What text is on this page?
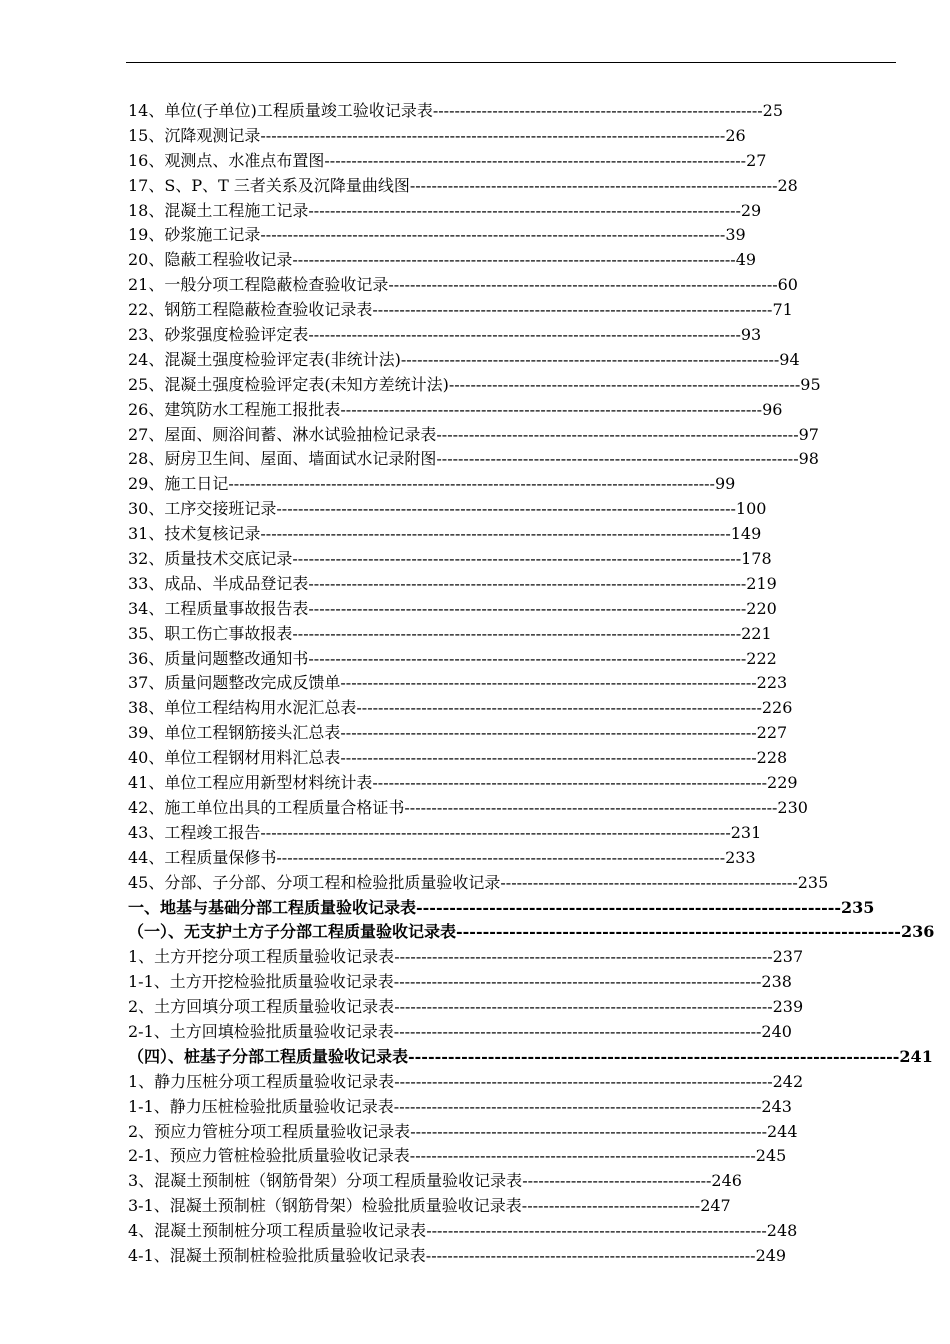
14、单位(子单位)工程质量竣工验收记录表-------------------------------------------------------------25
15、沉降观测记录--------------------------------------------------------------------------------------26
16、观测点、水准点布置图------------------------------------------------------------------------------27
17、S、P、T 三者关系及沉降量曲线图--------------------------------------------------------------------28
18、混凝土工程施工记录--------------------------------------------------------------------------------29
19、砂浆施工记录--------------------------------------------------------------------------------------39
20、隐蔽工程验收记录----------------------------------------------------------------------------------49
21、一般分项工程隐蔽检查验收记录------------------------------------------------------------------------60
22、钢筋工程隐蔽检查验收记录表--------------------------------------------------------------------------71
23、砂浆强度检验评定表--------------------------------------------------------------------------------93
24、混凝土强度检验评定表(非统计法)----------------------------------------------------------------------94
25、混凝土强度检验评定表(未知方差统计法)-----------------------------------------------------------------95
26、建筑防水工程施工报批表------------------------------------------------------------------------------96
27、屋面、厕浴间蓄、淋水试验抽检记录表-------------------------------------------------------------------97
28、厨房卫生间、屋面、墙面试水记录附图-------------------------------------------------------------------98
29、施工日记------------------------------------------------------------------------------------------99
30、工序交接班记录-------------------------------------------------------------------------------------100
31、技术复核记录---------------------------------------------------------------------------------------149
32、质量技术交底记录-----------------------------------------------------------------------------------178
33、成品、半成品登记表---------------------------------------------------------------------------------219
34、工程质量事故报告表---------------------------------------------------------------------------------220
35、职工伤亡事故报表-----------------------------------------------------------------------------------221
36、质量问题整改通知书---------------------------------------------------------------------------------222
37、质量问题整改完成反馈单-----------------------------------------------------------------------------223
38、单位工程结构用水泥汇总表---------------------------------------------------------------------------226
39、单位工程钢筋接头汇总表-----------------------------------------------------------------------------227
40、单位工程钢材用料汇总表-----------------------------------------------------------------------------228
41、单位工程应用新型材料统计表-------------------------------------------------------------------------229
42、施工单位出具的工程质量合格证书---------------------------------------------------------------------230
43、工程竣工报告---------------------------------------------------------------------------------------231
44、工程质量保修书-----------------------------------------------------------------------------------233
45、分部、子分部、分项工程和检验批质量验收记录-------------------------------------------------------235
一、地基与基础分部工程质量验收记录表----------------------------------------------------------------235
（一）、无支护土方子分部工程质量验收记录表-------------------------------------------------------------------236
1、土方开挖分项工程质量验收记录表----------------------------------------------------------------------237
1-1、土方开挖检验批质量验收记录表--------------------------------------------------------------------238
2、土方回填分项工程质量验收记录表----------------------------------------------------------------------239
2-1、土方回填检验批质量验收记录表--------------------------------------------------------------------240
（四）、桩基子分部工程质量验收记录表--------------------------------------------------------------------------241
1、静力压桩分项工程质量验收记录表----------------------------------------------------------------------242
1-1、静力压桩检验批质量验收记录表--------------------------------------------------------------------243
2、预应力管桩分项工程质量验收记录表------------------------------------------------------------------244
2-1、预应力管桩检验批质量验收记录表----------------------------------------------------------------245
3、混凝土预制桩（钢筋骨架）分项工程质量验收记录表-----------------------------------246
3-1、混凝土预制桩（钢筋骨架）检验批质量验收记录表---------------------------------247
4、混凝土预制桩分项工程质量验收记录表---------------------------------------------------------------248
4-1、混凝土预制桩检验批质量验收记录表-------------------------------------------------------------249
